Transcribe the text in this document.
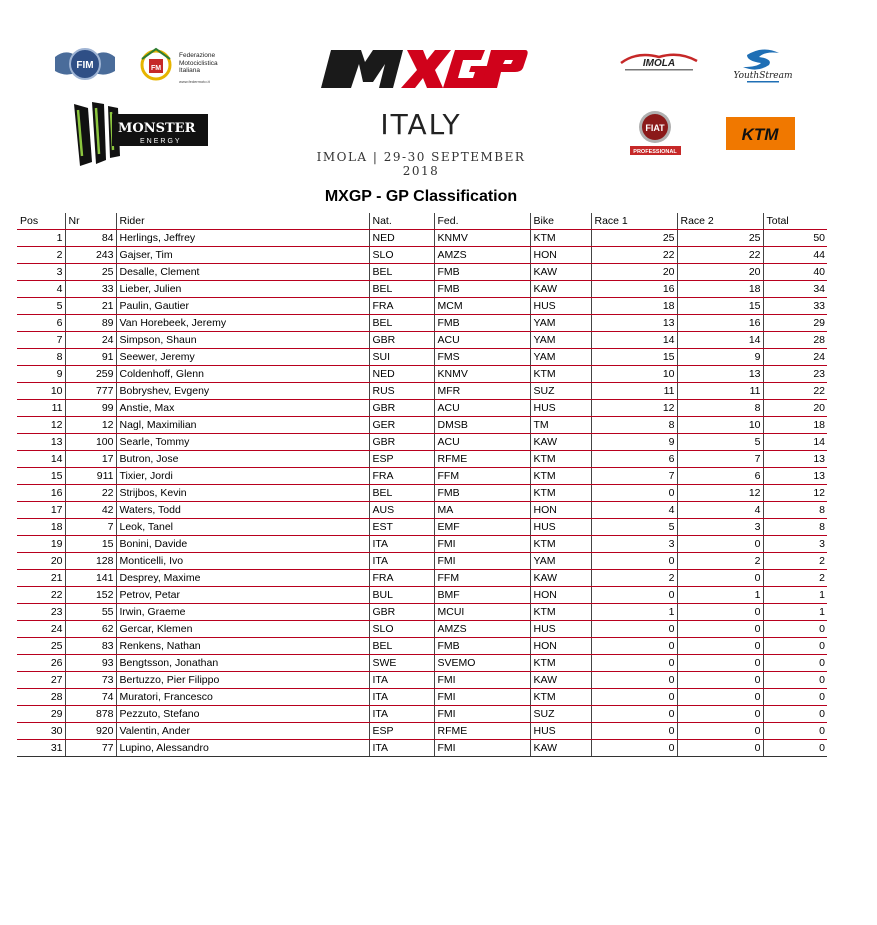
FIM	FM
Federazione
Motociclistica
Italiana
www.federmoto.it
MONSTER
ENERGY
ITALY
IMOLA | 29-30 SEPTEMBER 2018
IMOLA
YouthStream
FIAT
PROFESSIONAL
KTM
MXGP - GP Classification
Pos	Nr	Rider	Nat.	Fed.	Bike	Race 1	Race 2	Total
1	84	Herlings, Jeffrey	NED	KNMV	KTM	25	25	50
2	243	Gajser, Tim	SLO	AMZS	HON	22	22	44
3	25	Desalle, Clement	BEL	FMB	KAW	20	20	40
4	33	Lieber, Julien	BEL	FMB	KAW	16	18	34
5	21	Paulin, Gautier	FRA	MCM	HUS	18	15	33
6	89	Van Horebeek, Jeremy	BEL	FMB	YAM	13	16	29
7	24	Simpson, Shaun	GBR	ACU	YAM	14	14	28
8	91	Seewer, Jeremy	SUI	FMS	YAM	15	9	24
9	259	Coldenhoff, Glenn	NED	KNMV	KTM	10	13	23
10	777	Bobryshev, Evgeny	RUS	MFR	SUZ	11	11	22
11	99	Anstie, Max	GBR	ACU	HUS	12	8	20
12	12	Nagl, Maximilian	GER	DMSB	TM	8	10	18
13	100	Searle, Tommy	GBR	ACU	KAW	9	5	14
14	17	Butron, Jose	ESP	RFME	KTM	6	7	13
15	911	Tixier, Jordi	FRA	FFM	KTM	7	6	13
16	22	Strijbos, Kevin	BEL	FMB	KTM	0	12	12
17	42	Waters, Todd	AUS	MA	HON	4	4	8
18	7	Leok, Tanel	EST	EMF	HUS	5	3	8
19	15	Bonini, Davide	ITA	FMI	KTM	3	0	3
20	128	Monticelli, Ivo	ITA	FMI	YAM	0	2	2
21	141	Desprey, Maxime	FRA	FFM	KAW	2	0	2
22	152	Petrov, Petar	BUL	BMF	HON	0	1	1
23	55	Irwin, Graeme	GBR	MCUI	KTM	1	0	1
24	62	Gercar, Klemen	SLO	AMZS	HUS	0	0	0
25	83	Renkens, Nathan	BEL	FMB	HON	0	0	0
26	93	Bengtsson, Jonathan	SWE	SVEMO	KTM	0	0	0
27	73	Bertuzzo, Pier Filippo	ITA	FMI	KAW	0	0	0
28	74	Muratori, Francesco	ITA	FMI	KTM	0	0	0
29	878	Pezzuto, Stefano	ITA	FMI	SUZ	0	0	0
30	920	Valentin, Ander	ESP	RFME	HUS	0	0	0
31	77	Lupino, Alessandro	ITA	FMI	KAW	0	0	0
